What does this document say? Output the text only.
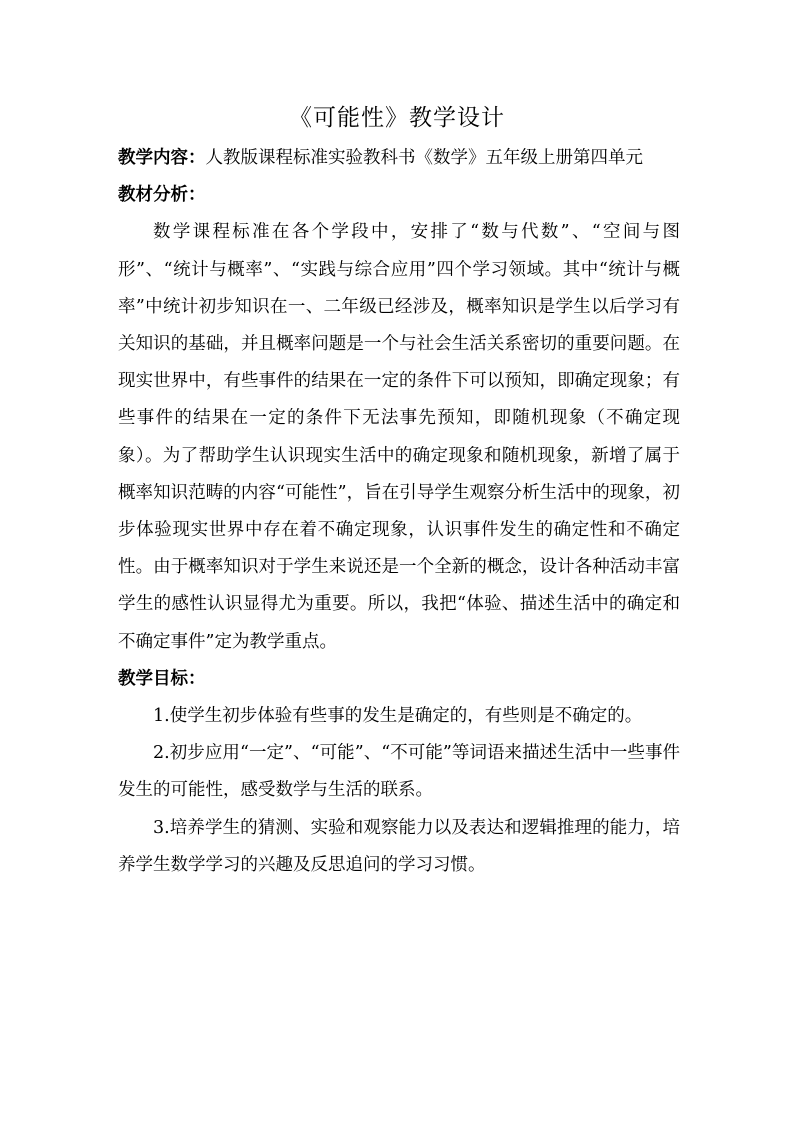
《可能性》教学设计

教学内容：人教版课程标准实验教科书《数学》五年级上册第四单元

教材分析：

数学课程标准在各个学段中，安排了“数与代数”、“空间与图形”、“统计与概率”、“实践与综合应用”四个学习领域。其中“统计与概率”中统计初步知识在一、二年级已经涉及，概率知识是学生以后学习有关知识的基础，并且概率问题是一个与社会生活关系密切的重要问题。在现实世界中，有些事件的结果在一定的条件下可以预知，即确定现象；有些事件的结果在一定的条件下无法事先预知，即随机现象（不确定现象）。为了帮助学生认识现实生活中的确定现象和随机现象，新增了属于概率知识范畴的内容“可能性”，旨在引导学生观察分析生活中的现象，初步体验现实世界中存在着不确定现象，认识事件发生的确定性和不确定性。由于概率知识对于学生来说还是一个全新的概念，设计各种活动丰富学生的感性认识显得尤为重要。所以，我把“体验、描述生活中的确定和不确定事件”定为教学重点。

教学目标：

1.使学生初步体验有些事的发生是确定的，有些则是不确定的。

2.初步应用“一定”、“可能”、“不可能”等词语来描述生活中一些事件发生的可能性，感受数学与生活的联系。

3.培养学生的猜测、实验和观察能力以及表达和逻辑推理的能力，培养学生数学学习的兴趣及反思追问的学习习惯。
